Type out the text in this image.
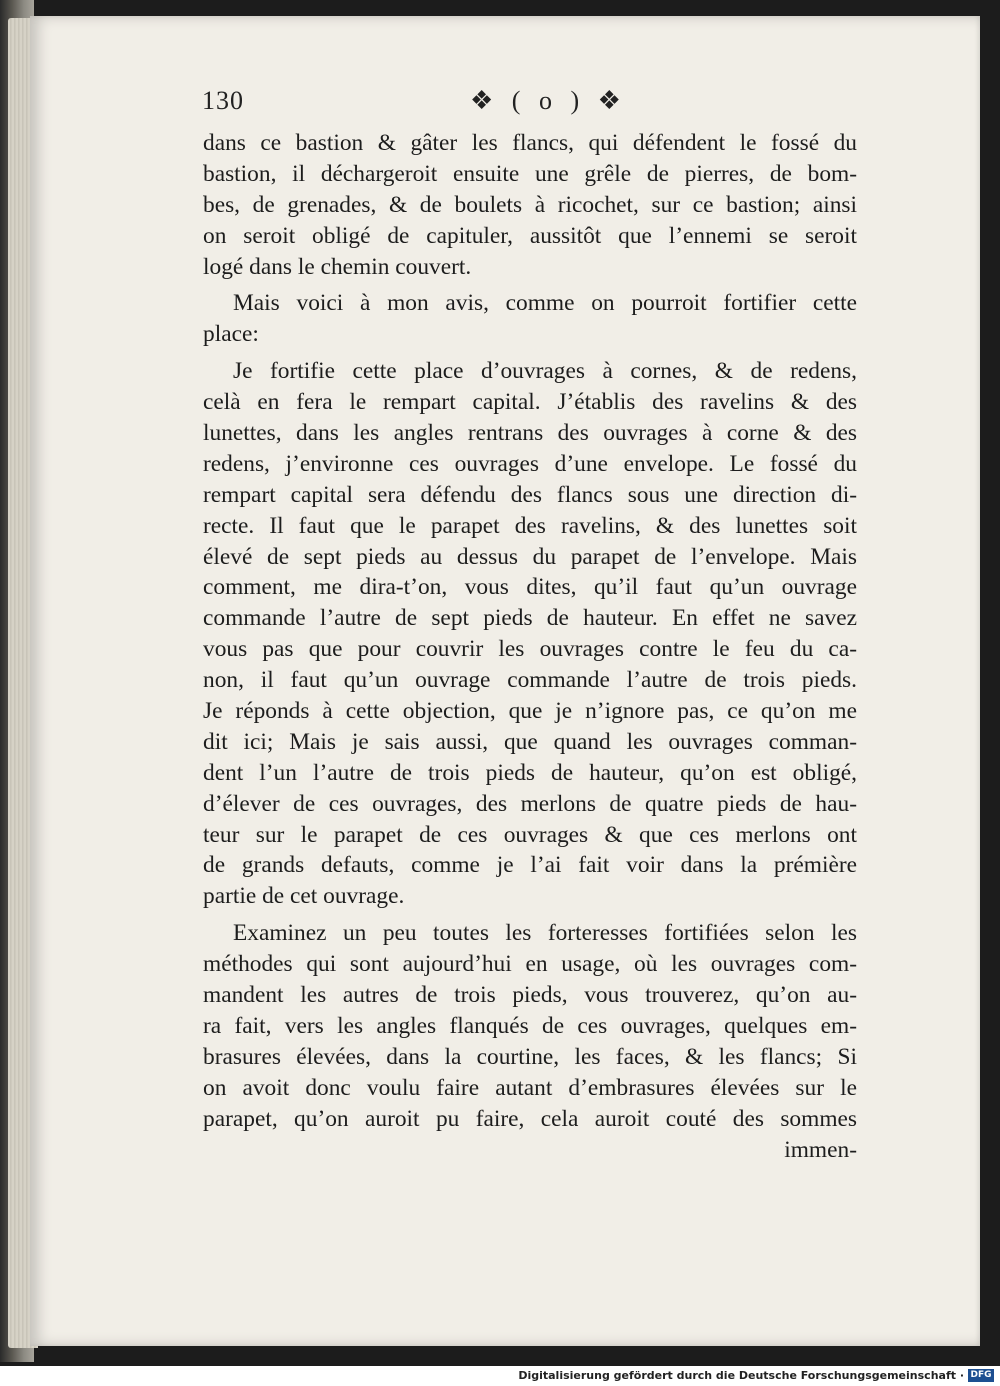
130	❖ ( o ) ❖
dans ce bastion & gâter les flancs, qui défendent le fossé du
bastion, il déchargeroit ensuite une grêle de pierres, de bom-
bes, de grenades, & de boulets à ricochet, sur ce bastion; ainsi
on seroit obligé de capituler, aussitôt que l’ennemi se seroit
logé dans le chemin couvert.
Mais voici à mon avis, comme on pourroit fortifier cette
place:
Je fortifie cette place d’ouvrages à cornes, & de redens,
celà en fera le rempart capital. J’établis des ravelins & des
lunettes, dans les angles rentrans des ouvrages à corne & des
redens, j’environne ces ouvrages d’une envelope. Le fossé du
rempart capital sera défendu des flancs sous une direction di-
recte. Il faut que le parapet des ravelins, & des lunettes soit
élevé de sept pieds au dessus du parapet de l’envelope. Mais
comment, me dira-t’on, vous dites, qu’il faut qu’un ouvrage
commande l’autre de sept pieds de hauteur. En effet ne savez
vous pas que pour couvrir les ouvrages contre le feu du ca-
non, il faut qu’un ouvrage commande l’autre de trois pieds.
Je réponds à cette objection, que je n’ignore pas, ce qu’on me
dit ici; Mais je sais aussi, que quand les ouvrages comman-
dent l’un l’autre de trois pieds de hauteur, qu’on est obligé,
d’élever de ces ouvrages, des merlons de quatre pieds de hau-
teur sur le parapet de ces ouvrages & que ces merlons ont
de grands defauts, comme je l’ai fait voir dans la prémière
partie de cet ouvrage.
Examinez un peu toutes les forteresses fortifiées selon les
méthodes qui sont aujourd’hui en usage, où les ouvrages com-
mandent les autres de trois pieds, vous trouverez, qu’on au-
ra fait, vers les angles flanqués de ces ouvrages, quelques em-
brasures élevées, dans la courtine, les faces, & les flancs; Si
on avoit donc voulu faire autant d’embrasures élevées sur le
parapet, qu’on auroit pu faire, cela auroit couté des sommes
immen-
Digitalisierung gefördert durch die Deutsche Forschungsgemeinschaft · DFG
